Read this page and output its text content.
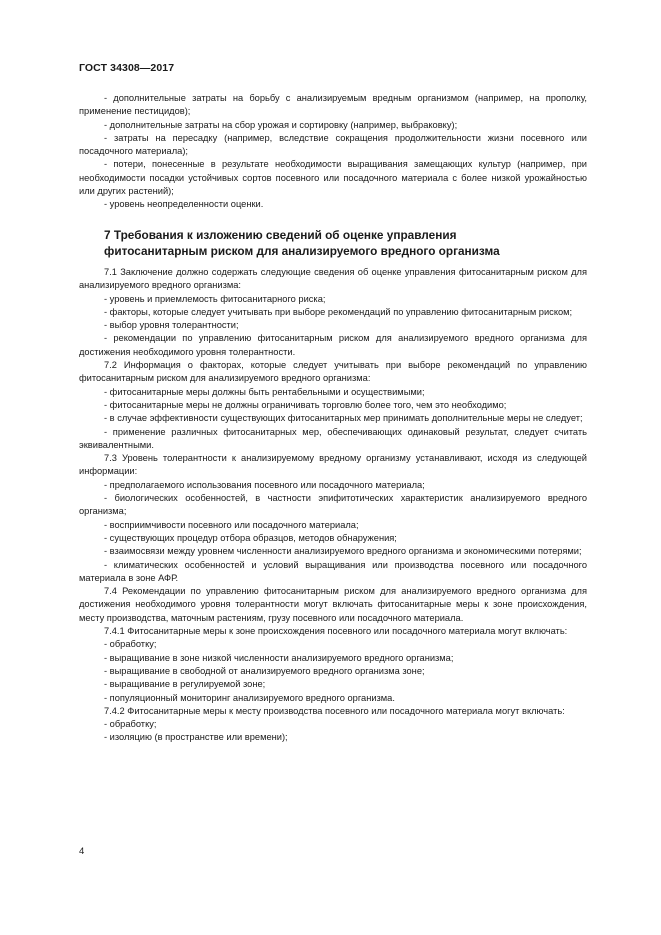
ГОСТ 34308—2017

- дополнительные затраты на борьбу с анализируемым вредным организмом (например, на прополку, применение пестицидов);

- дополнительные затраты на сбор урожая и сортировку (например, выбраковку);

- затраты на пересадку (например, вследствие сокращения продолжительности жизни посевного или посадочного материала);

- потери, понесенные в результате необходимости выращивания замещающих культур (например, при необходимости посадки устойчивых сортов посевного или посадочного материала с более низкой урожайностью или других растений);

- уровень неопределенности оценки.

7 Требования к изложению сведений об оценке управления
фитосанитарным риском для анализируемого вредного организма

7.1 Заключение должно содержать следующие сведения об оценке управления фитосанитарным риском для анализируемого вредного организма:

- уровень и приемлемость фитосанитарного риска;

- факторы, которые следует учитывать при выборе рекомендаций по управлению фитосанитарным риском;

- выбор уровня толерантности;

- рекомендации по управлению фитосанитарным риском для анализируемого вредного организма для достижения необходимого уровня толерантности.

7.2 Информация о факторах, которые следует учитывать при выборе рекомендаций по управлению фитосанитарным риском для анализируемого вредного организма:

- фитосанитарные меры должны быть рентабельными и осуществимыми;

- фитосанитарные меры не должны ограничивать торговлю более того, чем это необходимо;

- в случае эффективности существующих фитосанитарных мер принимать дополнительные меры не следует;

- применение различных фитосанитарных мер, обеспечивающих одинаковый результат, следует считать эквивалентными.

7.3 Уровень толерантности к анализируемому вредному организму устанавливают, исходя из следующей информации:

- предполагаемого использования посевного или посадочного материала;

- биологических особенностей, в частности эпифитотических характеристик анализируемого вредного организма;

- восприимчивости посевного или посадочного материала;

- существующих процедур отбора образцов, методов обнаружения;

- взаимосвязи между уровнем численности анализируемого вредного организма и экономическими потерями;

- климатических особенностей и условий выращивания или производства посевного или посадочного материала в зоне АФР.

7.4 Рекомендации по управлению фитосанитарным риском для анализируемого вредного организма для достижения необходимого уровня толерантности могут включать фитосанитарные меры к зоне происхождения, месту производства, маточным растениям, грузу посевного или посадочного материала.

7.4.1 Фитосанитарные меры к зоне происхождения посевного или посадочного материала могут включать:

- обработку;

- выращивание в зоне низкой численности анализируемого вредного организма;

- выращивание в свободной от анализируемого вредного организма зоне;

- выращивание в регулируемой зоне;

- популяционный мониторинг анализируемого вредного организма.

7.4.2 Фитосанитарные меры к месту производства посевного или посадочного материала могут включать:

- обработку;

- изоляцию (в пространстве или времени);

4
